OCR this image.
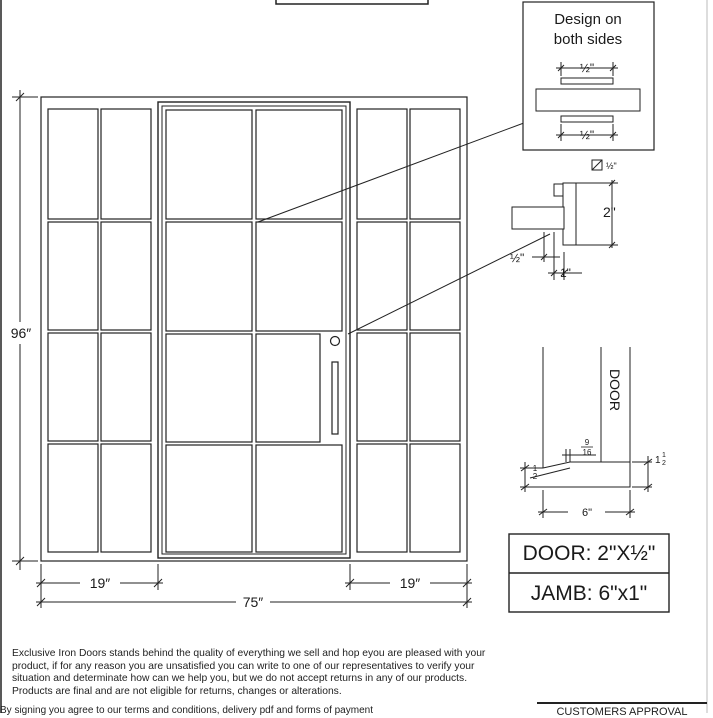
96″
19″	19″
75″
Design on
both sides
½"
½"
½"
2"
½"
1"
DOOR
9
16
1
2
1 1
2
6"
DOOR: 2"X½"
JAMB: 6"x1"
Exclusive Iron Doors stands behind the quality of everything we sell and hop eyou are pleased with your
product, if for any reason you are unsatisfied you can write to one of our representatives to verify your
situation and determinate how can we help you, but we do not accept returns in any of our products.
Products are final and are not eligible for returns, changes or alterations.
By signing you agree to our terms and conditions, delivery pdf and forms of payment	CUSTOMERS APPROVAL
